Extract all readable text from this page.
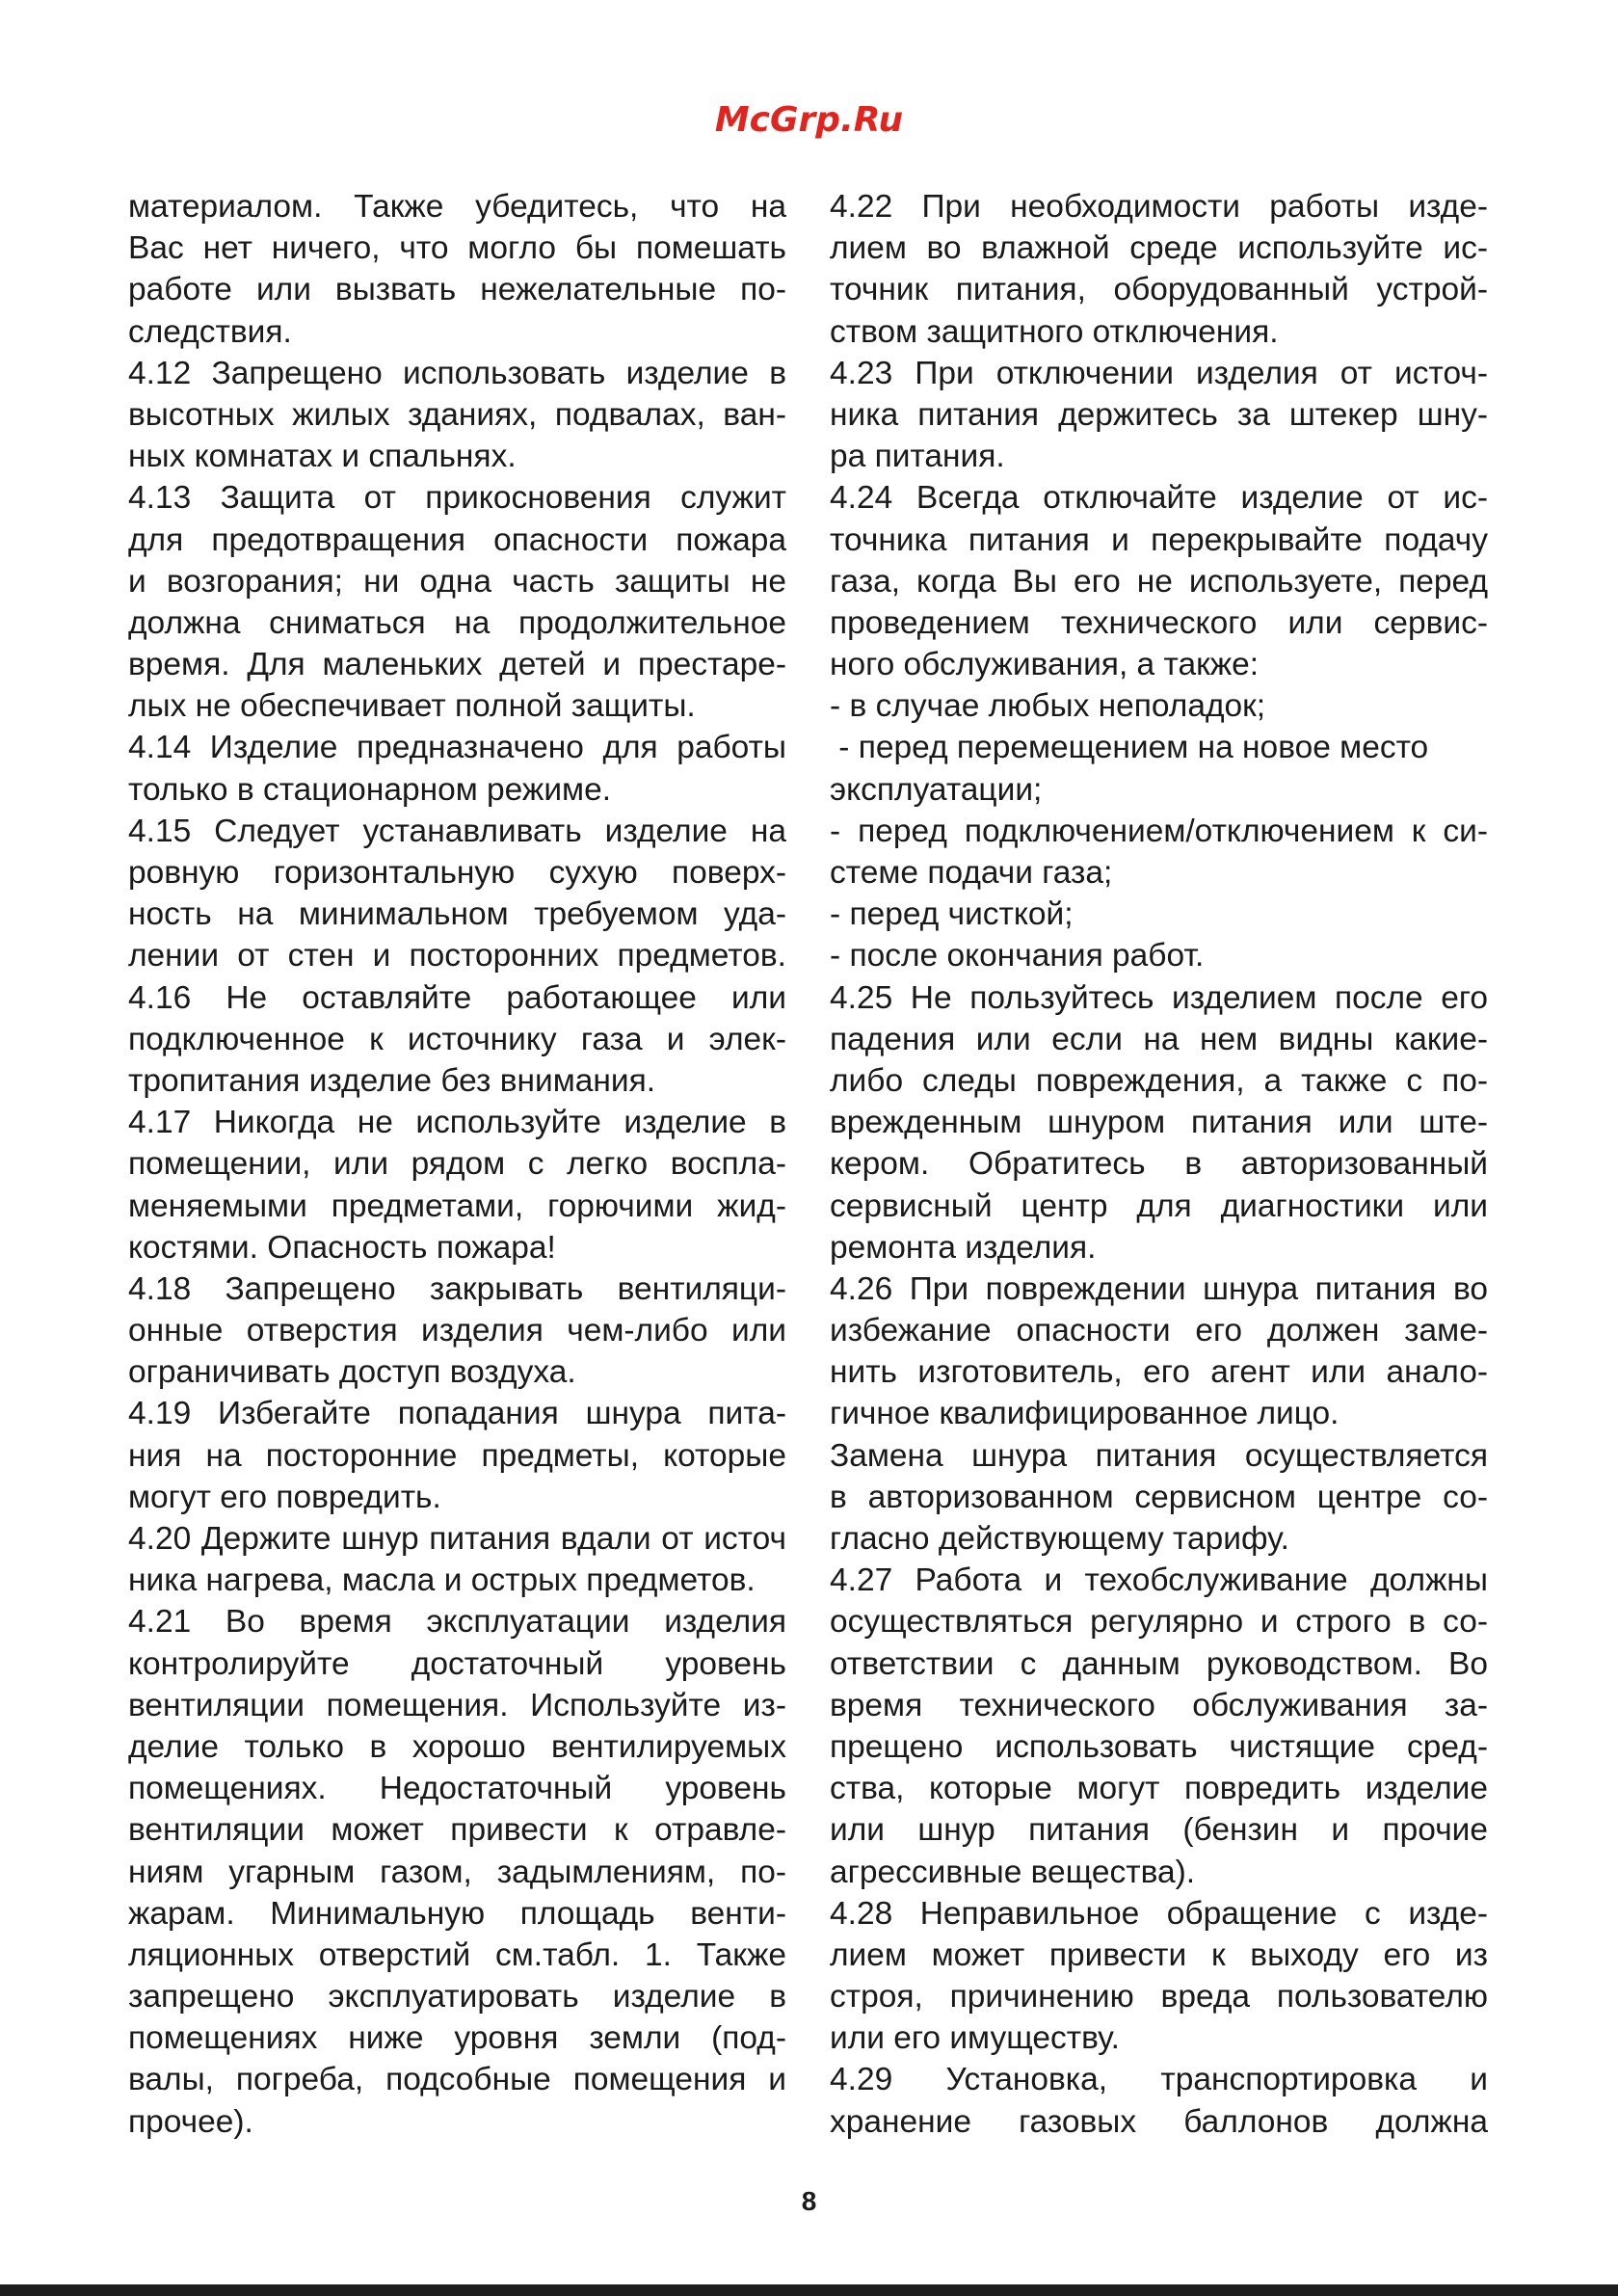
McGrp.Ru
материалом. Также убедитесь, что на
Вас нет ничего, что могло бы помешать
работе или вызвать нежелательные по-
следствия.
4.12 Запрещено использовать изделие в
высотных жилых зданиях, подвалах, ван-
ных комнатах и спальнях.
4.13 Защита от прикосновения служит
для предотвращения опасности пожара
и возгорания; ни одна часть защиты не
должна сниматься на продолжительное
время. Для маленьких детей и престаре-
лых не обеспечивает полной защиты.
4.14 Изделие предназначено для работы
только в стационарном режиме.
4.15 Следует устанавливать изделие на
ровную горизонтальную сухую поверх-
ность на минимальном требуемом уда-
лении от стен и посторонних предметов.
4.16 Не оставляйте работающее или
подключенное к источнику газа и элек-
тропитания изделие без внимания.
4.17 Никогда не используйте изделие в
помещении, или рядом с легко воспла-
меняемыми предметами, горючими жид-
костями. Опасность пожара!
4.18 Запрещено закрывать вентиляци-
онные отверстия изделия чем-либо или
ограничивать доступ воздуха.
4.19 Избегайте попадания шнура пита-
ния на посторонние предметы, которые
могут его повредить.
4.20 Держите шнур питания вдали от источ
ника нагрева, масла и острых предметов.
4.21 Во время эксплуатации изделия
контролируйте достаточный уровень
вентиляции помещения. Используйте из-
делие только в хорошо вентилируемых
помещениях. Недостаточный уровень
вентиляции может привести к отравле-
ниям угарным газом, задымлениям, по-
жарам. Минимальную площадь венти-
ляционных отверстий см.табл. 1. Также
запрещено эксплуатировать изделие в
помещениях ниже уровня земли (под-
валы, погреба, подсобные помещения и
прочее).
4.22 При необходимости работы изде-
лием во влажной среде используйте ис-
точник питания, оборудованный устрой-
ством защитного отключения.
4.23 При отключении изделия от источ-
ника питания держитесь за штекер шну-
ра питания.
4.24 Всегда отключайте изделие от ис-
точника питания и перекрывайте подачу
газа, когда Вы его не используете, перед
проведением технического или сервис-
ного обслуживания, а также:
- в случае любых неполадок;
- перед перемещением на новое место
эксплуатации;
- перед подключением/отключением к си-
стеме подачи газа;
- перед чисткой;
- после окончания работ.
4.25 Не пользуйтесь изделием после его
падения или если на нем видны какие-
либо следы повреждения, а также с по-
врежденным шнуром питания или ште-
кером. Обратитесь в авторизованный
сервисный центр для диагностики или
ремонта изделия.
4.26 При повреждении шнура питания во
избежание опасности его должен заме-
нить изготовитель, его агент или анало-
гичное квалифицированное лицо.
Замена шнура питания осуществляется
в авторизованном сервисном центре со-
гласно действующему тарифу.
4.27 Работа и техобслуживание должны
осуществляться регулярно и строго в со-
ответствии с данным руководством. Во
время технического обслуживания за-
прещено использовать чистящие сред-
ства, которые могут повредить изделие
или шнур питания (бензин и прочие
агрессивные вещества).
4.28 Неправильное обращение с изде-
лием может привести к выходу его из
строя, причинению вреда пользователю
или его имуществу.
4.29 Установка, транспортировка и
хранение газовых баллонов должна
8
